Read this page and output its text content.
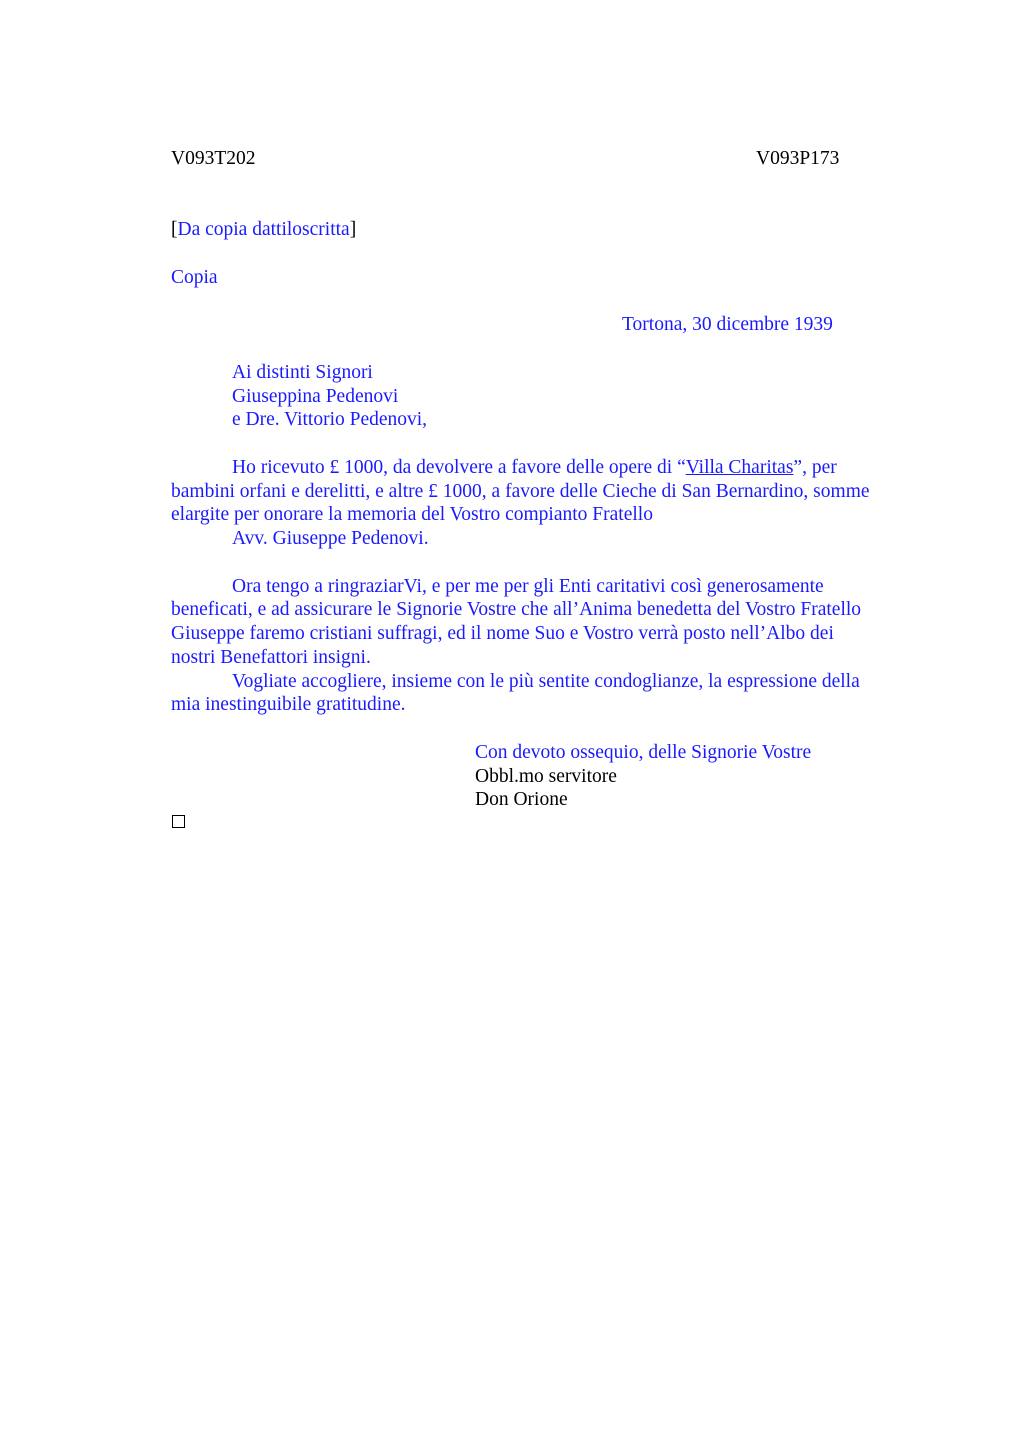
V093T202	V093P173
[Da copia dattiloscritta]
Copia
Tortona, 30 dicembre 1939
Ai distinti Signori
Giuseppina Pedenovi
e Dre. Vittorio Pedenovi,
Ho ricevuto £ 1000, da devolvere a favore delle opere di “Villa Charitas”, per
bambini orfani e derelitti, e altre £ 1000, a favore delle Cieche di San Bernardino, somme
elargite per onorare la memoria del Vostro compianto Fratello
Avv. Giuseppe Pedenovi.
Ora tengo a ringraziarVi, e per me per gli Enti caritativi così generosamente
beneficati, e ad assicurare le Signorie Vostre che all’Anima benedetta del Vostro Fratello
Giuseppe faremo cristiani suffragi, ed il nome Suo e Vostro verrà posto nell’Albo dei
nostri Benefattori insigni.
Vogliate accogliere, insieme con le più sentite condoglianze, la espressione della
mia inestinguibile gratitudine.
Con devoto ossequio, delle Signorie Vostre
Obbl.mo servitore
Don Orione
